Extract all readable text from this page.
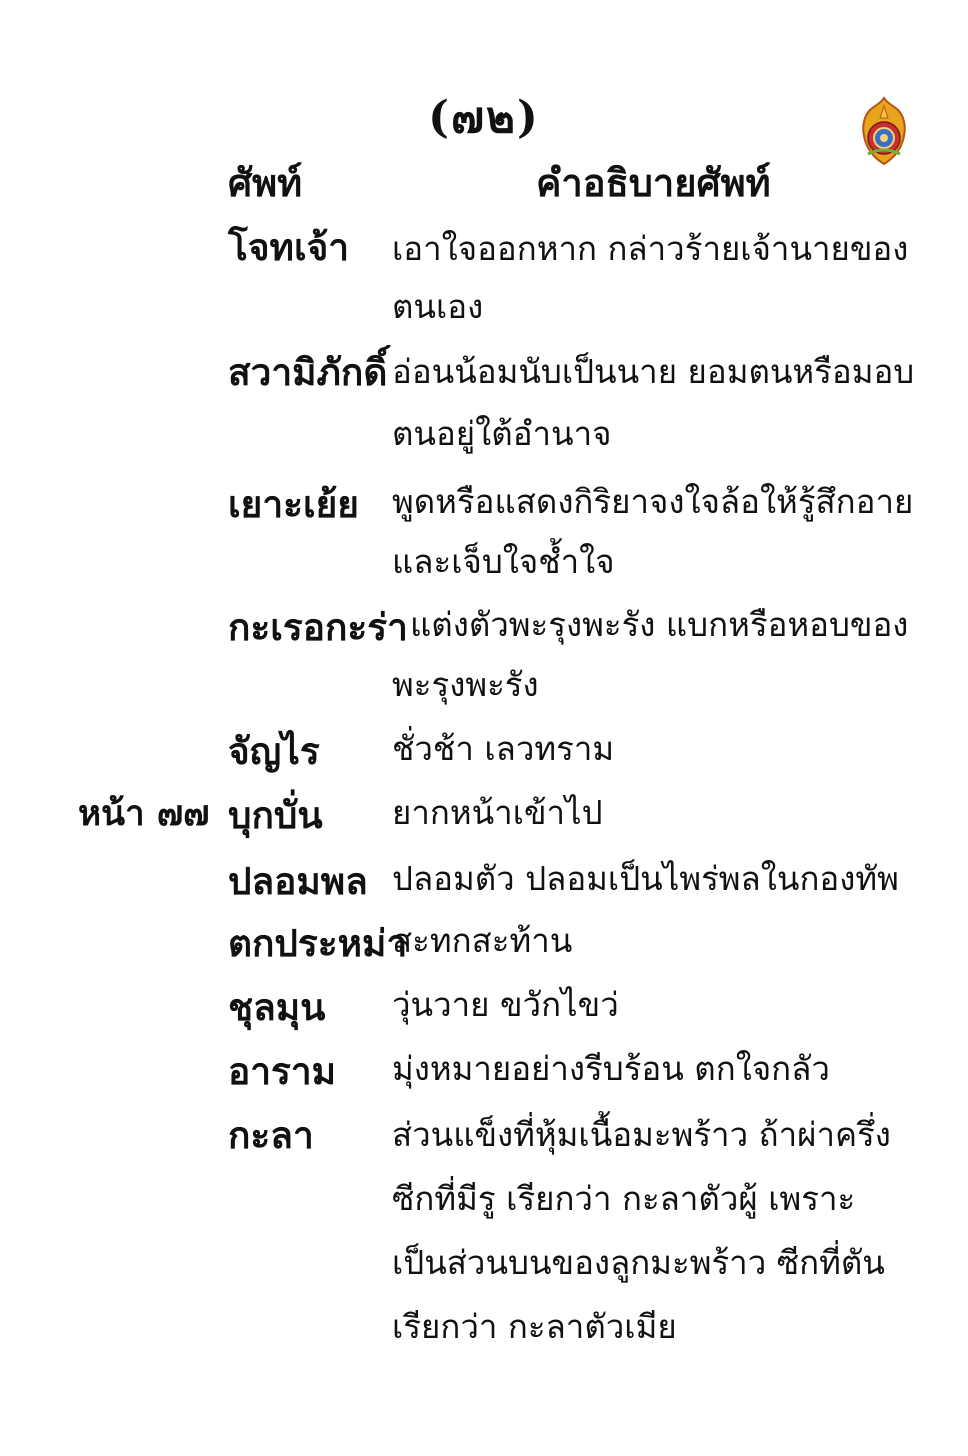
(๗๒)
ศัพท์	คำอธิบายศัพท์
หน้า ๗๗
โจทเจ้า เอาใจออกหาก กล่าวร้ายเจ้านายของ
ตนเอง
สวามิภักดิ์ อ่อนน้อมนับเป็นนาย ยอมตนหรือมอบ
ตนอยู่ใต้อำนาจ
เยาะเย้ย พูดหรือแสดงกิริยาจงใจล้อให้รู้สึกอาย
และเจ็บใจช้ำใจ
กะเรอกะร่า แต่งตัวพะรุงพะรัง แบกหรือหอบของ
พะรุงพะรัง
จัญไร ชั่วช้า เลวทราม
บุกบั่น ยากหน้าเข้าไป
ปลอมพล ปลอมตัว ปลอมเป็นไพร่พลในกองทัพ
ตกประหม่า
สะทกสะท้าน
ชุลมุน วุ่นวาย ขวักไขว่
อาราม มุ่งหมายอย่างรีบร้อน ตกใจกลัว
กะลา ส่วนแข็งที่หุ้มเนื้อมะพร้าว ถ้าผ่าครึ่ง
ซีกที่มีรู เรียกว่า กะลาตัวผู้ เพราะ
เป็นส่วนบนของลูกมะพร้าว ซีกที่ตัน
เรียกว่า กะลาตัวเมีย
